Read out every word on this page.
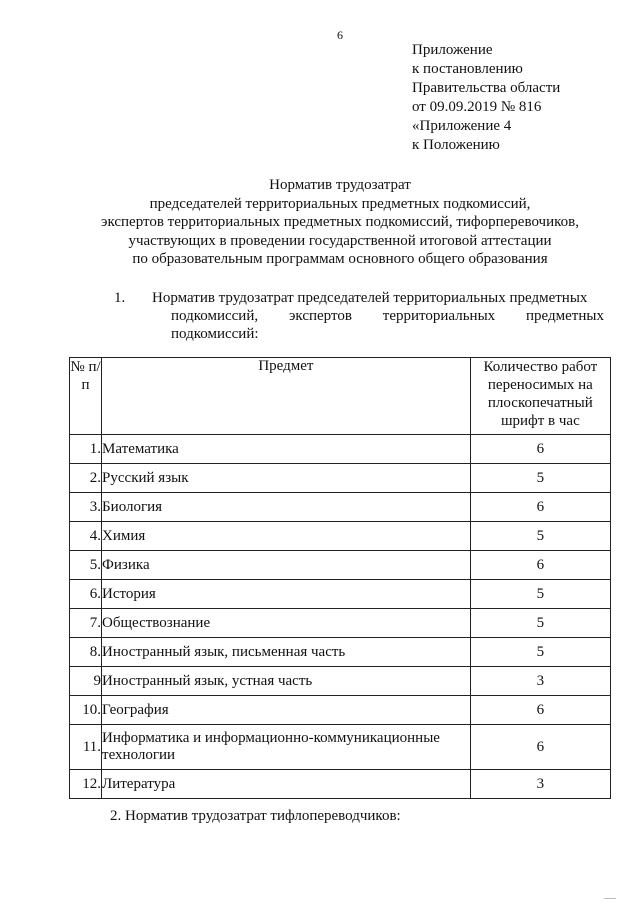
6
Приложение
к постановлению
Правительства области
от 09.09.2019 № 816
«Приложение 4
к Положению
Норматив трудозатрат
председателей территориальных предметных подкомиссий,
экспертов территориальных предметных подкомиссий, тифорперевочиков,
участвующих в проведении государственной итоговой аттестации
по образовательным программам основного общего образования
1. Норматив трудозатрат председателей территориальных предметных
подкомиссий, экспертов территориальных предметных
подкомиссий:
№ п/п	Предмет	Количество работ переносимых на плоскопечатный шрифт в час
1.	Математика	6
2.	Русский язык	5
3.	Биология	6
4.	Химия	5
5.	Физика	6
6.	История	5
7.	Обществознание	5
8.	Иностранный язык, письменная часть	5
9	Иностранный язык, устная часть	3
10.	География	6
11.	Информатика и информационно-коммуникационные технологии	6
12.	Литература	3
2. Норматив трудозатрат тифлопереводчиков:
